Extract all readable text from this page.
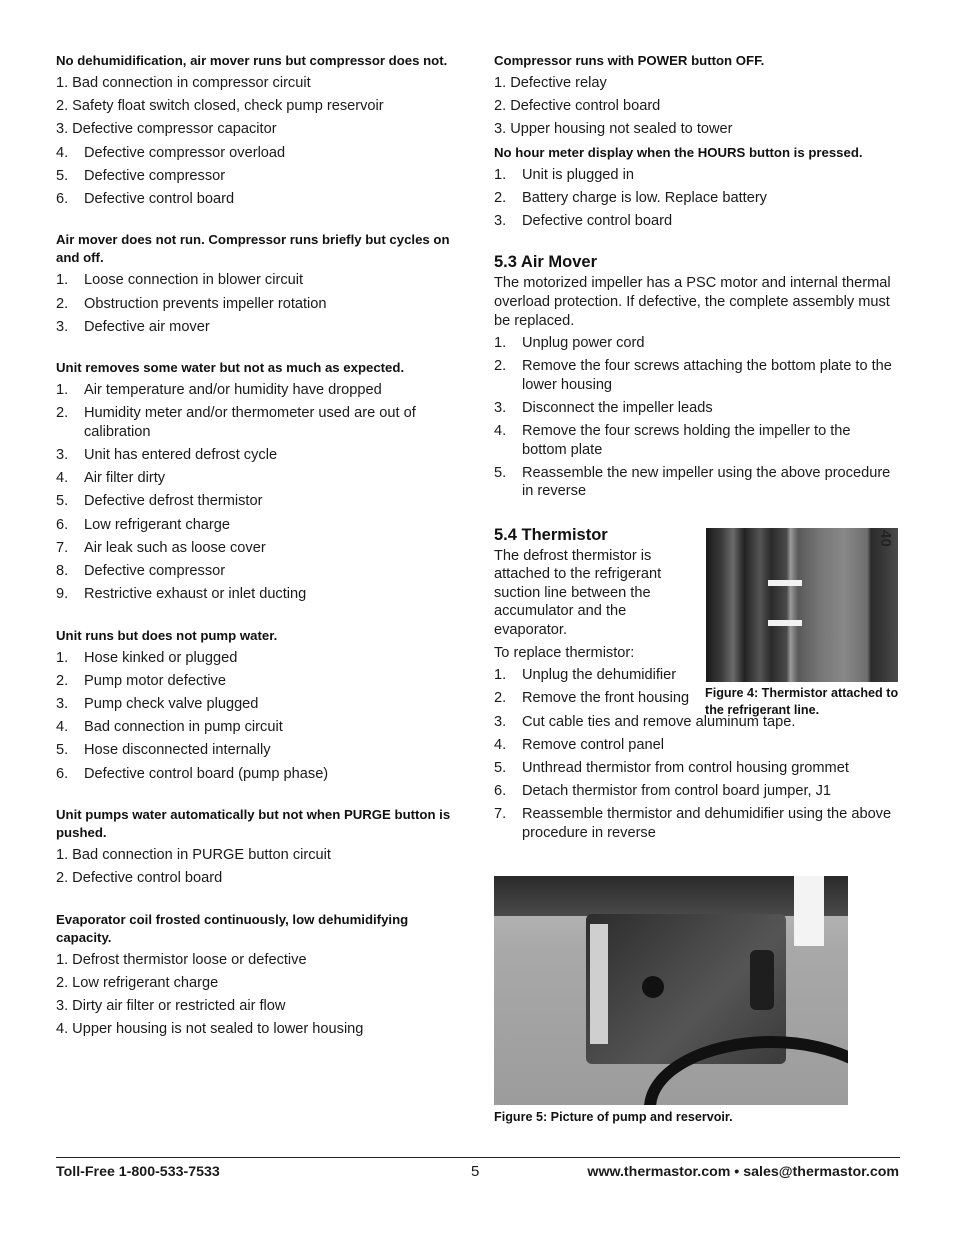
No dehumidification, air mover runs but compressor does not.
1. Bad connection in compressor circuit
2. Safety float switch closed, check pump reservoir
3. Defective compressor capacitor
4. Defective compressor overload
5. Defective compressor
6. Defective control board
Air mover does not run. Compressor runs briefly but cycles on and off.
1. Loose connection in blower circuit
2. Obstruction prevents impeller rotation
3. Defective air mover
Unit removes some water but not as much as expected.
1. Air temperature and/or humidity have dropped
2. Humidity meter and/or thermometer used are out of calibration
3. Unit has entered defrost cycle
4. Air filter dirty
5. Defective defrost thermistor
6. Low refrigerant charge
7. Air leak such as loose cover
8. Defective compressor
9. Restrictive exhaust or inlet ducting
Unit runs but does not pump water.
1. Hose kinked or plugged
2. Pump motor defective
3. Pump check valve plugged
4. Bad connection in pump circuit
5. Hose disconnected internally
6. Defective control board (pump phase)
Unit pumps water automatically but not when PURGE button is pushed.
1. Bad connection in PURGE button circuit
2. Defective control board
Evaporator coil frosted continuously, low dehumidifying capacity.
1. Defrost thermistor loose or defective
2. Low refrigerant charge
3. Dirty air filter or restricted air flow
4. Upper housing is not sealed to lower housing
Compressor runs with POWER button OFF.
1. Defective relay
2. Defective control board
3. Upper housing not sealed to tower
No hour meter display when the HOURS button is pressed.
1. Unit is plugged in
2. Battery charge is low. Replace battery
3. Defective control board
5.3 Air Mover

The motorized impeller has a PSC motor and internal thermal overload protection. If defective, the complete assembly must be replaced.

1. Unplug power cord
2. Remove the four screws attaching the bottom plate to the lower housing
3. Disconnect the impeller leads
4. Remove the four screws holding the impeller to the bottom plate
5. Reassemble the new impeller using the above procedure in reverse
5.4 Thermistor

The defrost thermistor is attached to the refrigerant suction line between the accumulator and the evaporator.

To replace thermistor:

1. Unplug the dehumidifier
2. Remove the front housing
3. Cut cable ties and remove aluminum tape.
4. Remove control panel
5. Unthread thermistor from control housing grommet
6. Detach thermistor from control board jumper, J1
7. Reassemble thermistor and dehumidifier using the above procedure in reverse
40
Figure 4: Thermistor attached to the refrigerant line.
Figure 5: Picture of pump and reservoir.
Toll-Free 1-800-533-7533	5	www.thermastor.com • sales@thermastor.com
